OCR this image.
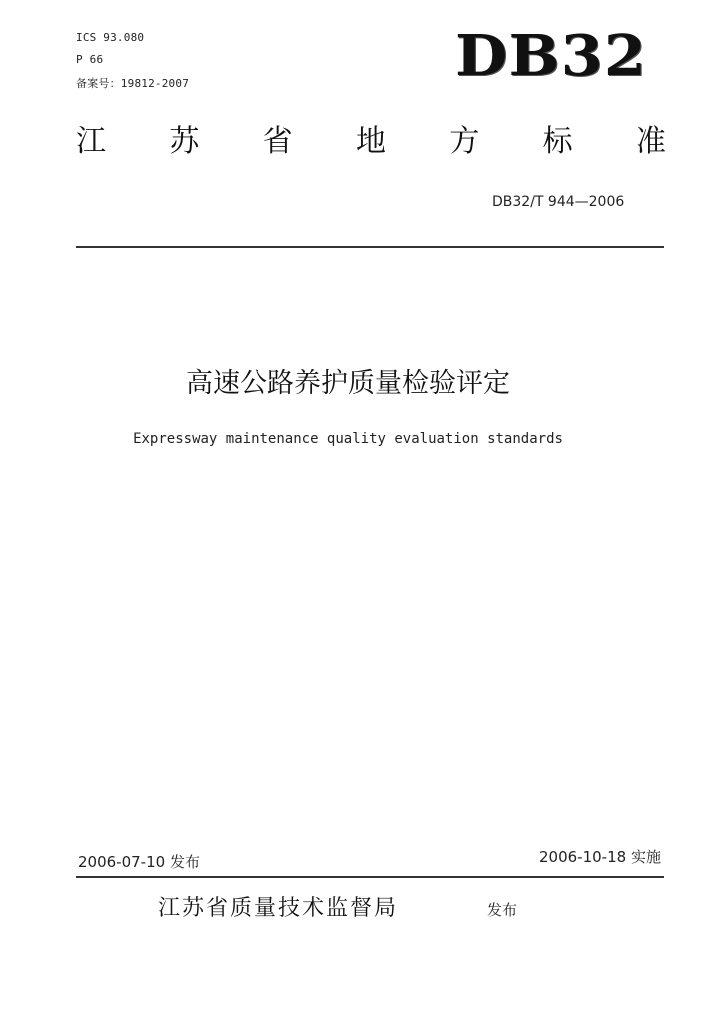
ICS 93.080
P 66
备案号：19812-2007	DB32
江 苏 省 地 方 标 准
DB32/T 944—2006
高速公路养护质量检验评定
Expressway maintenance quality evaluation standards
2006-07-10 发布	2006-10-18 实施
江苏省质量技术监督局	发布
